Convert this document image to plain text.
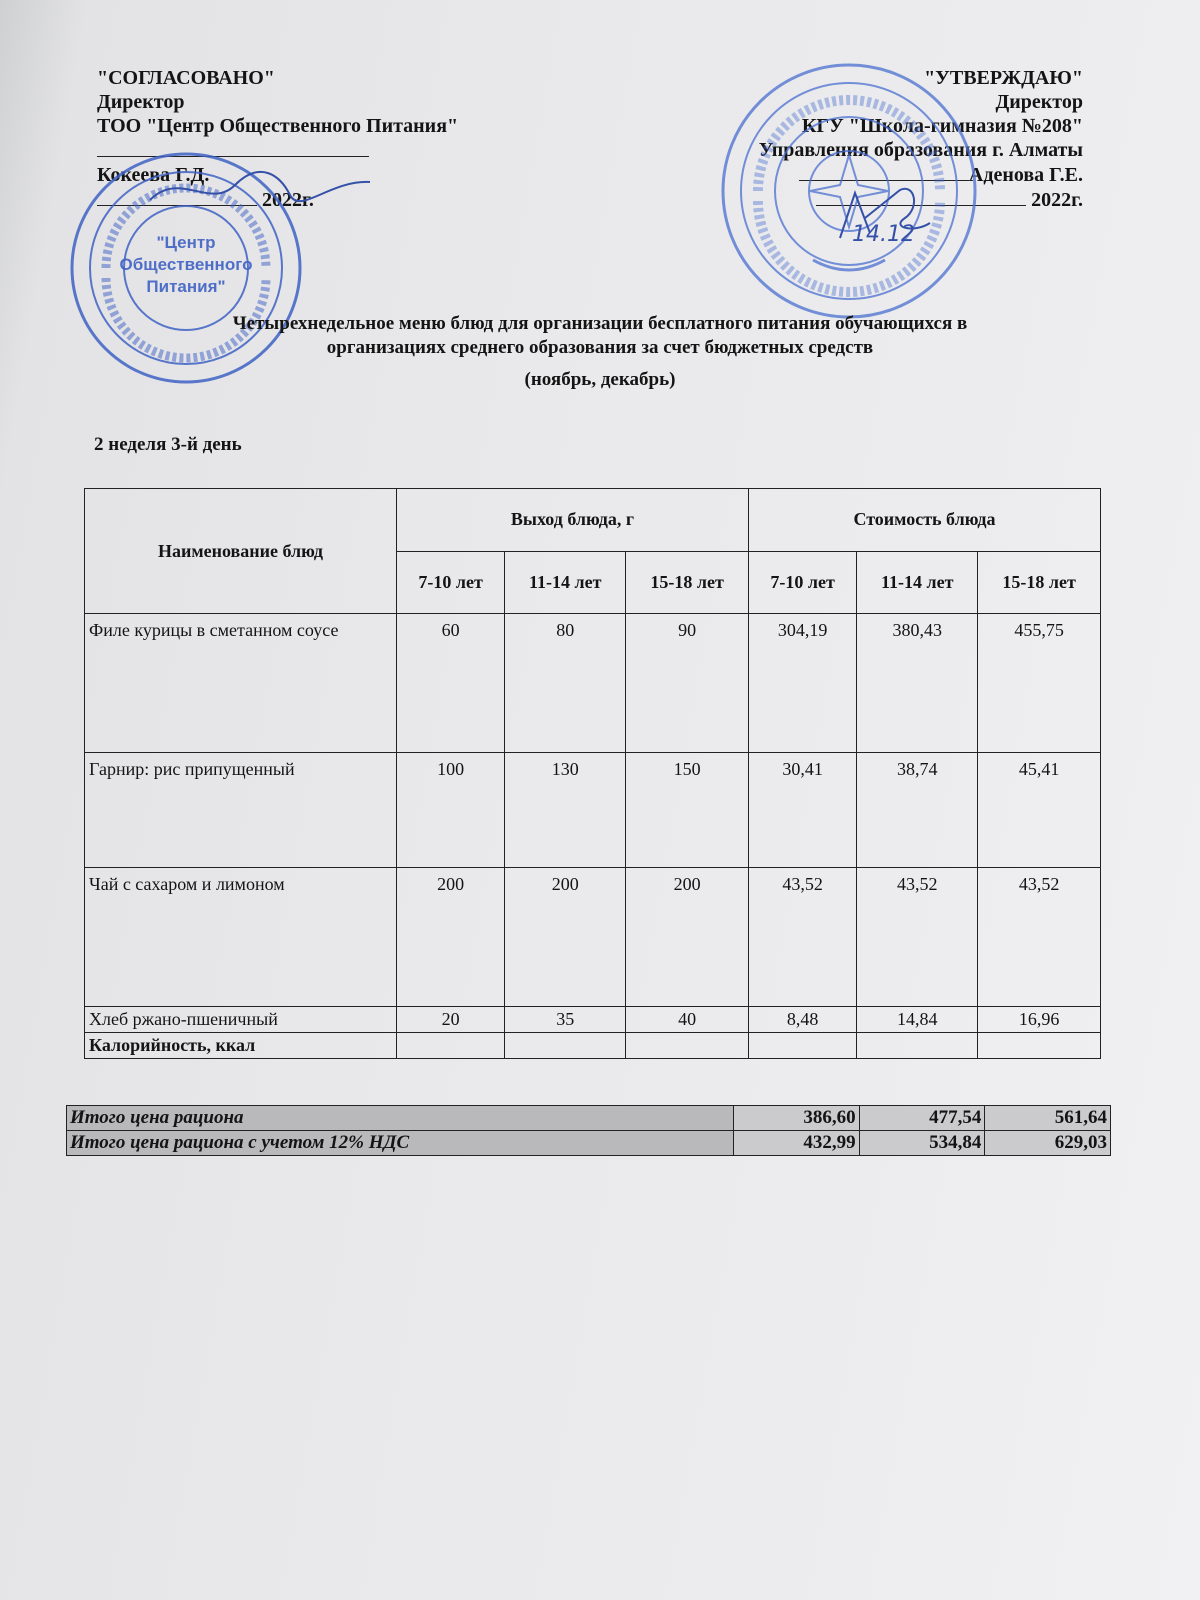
"СОГЛАСОВАНО"
Директор
ТОО "Центр Общественного Питания"
Кокеева Г.Д.
2022г.
"УТВЕРЖДАЮ"
Директор
КГУ "Школа-гимназия №208"
Управления образования г. Алматы
Аденова Г.Е.
2022г.
"Центр
Общественного
Питания"
14.12
Четырехнедельное меню блюд для организации бесплатного питания обучающихся в
организациях среднего образования за счет бюджетных средств
(ноябрь, декабрь)
2 неделя 3-й день
Наименование блюд	Выход блюда, г			Стоимость блюда		
	7-10 лет	11-14 лет	15-18 лет	7-10 лет	11-14 лет	15-18 лет
Филе курицы в сметанном соусе	60	80	90	304,19	380,43	455,75
Гарнир: рис припущенный	100	130	150	30,41	38,74	45,41
Чай с сахаром и лимоном	200	200	200	43,52	43,52	43,52
Хлеб ржано-пшеничный	20	35	40	8,48	14,84	16,96
Калорийность, ккал						
Итого цена рациона	386,60	477,54	561,64
Итого цена рациона с учетом 12% НДС	432,99	534,84	629,03
